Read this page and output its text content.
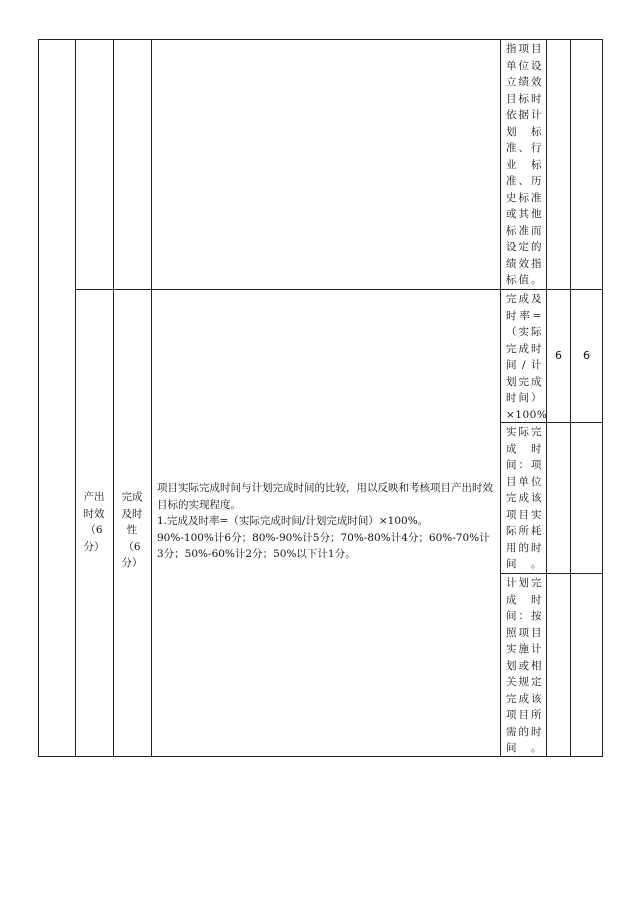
指项目单位设立绩效目标时依据计划标准、行业标准、历史标准或其他标准而设定的绩效指标值。
产出时效（6分）
完成及时性（6分）
项目实际完成时间与计划完成时间的比较，用以反映和考核项目产出时效目标的实现程度。
1.完成及时率=（实际完成时间/计划完成时间）×100%。
90%-100%计6分；80%-90%计5分；70%-80%计4分；60%-70%计3分；50%-60%计2分；50%以下计1分。
完成及时率=（实际完成时间/计划完成时间）×100%
6	6
实际完成时间：项目单位完成该项目实际所耗用的时间。
计划完成时间：按照项目实施计划或相关规定完成该项目所需的时间。
